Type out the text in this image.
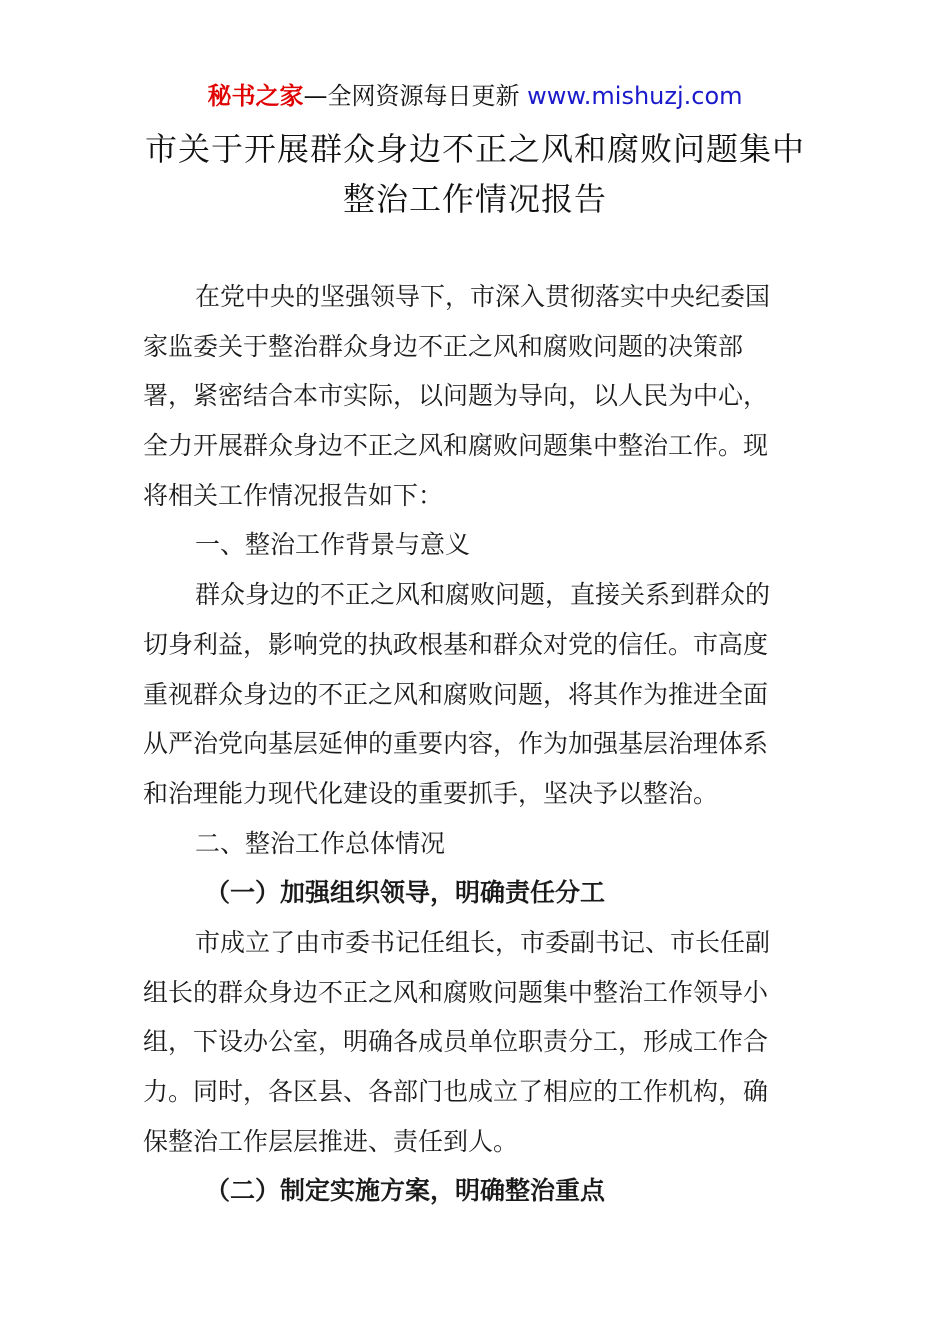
秘书之家—全网资源每日更新 www.mishuzj.com
市关于开展群众身边不正之风和腐败问题集中
整治工作情况报告
在党中央的坚强领导下，市深入贯彻落实中央纪委国
家监委关于整治群众身边不正之风和腐败问题的决策部
署，紧密结合本市实际，以问题为导向，以人民为中心，
全力开展群众身边不正之风和腐败问题集中整治工作。现
将相关工作情况报告如下：
一、整治工作背景与意义
群众身边的不正之风和腐败问题，直接关系到群众的
切身利益，影响党的执政根基和群众对党的信任。市高度
重视群众身边的不正之风和腐败问题，将其作为推进全面
从严治党向基层延伸的重要内容，作为加强基层治理体系
和治理能力现代化建设的重要抓手，坚决予以整治。
二、整治工作总体情况
（一）加强组织领导，明确责任分工
市成立了由市委书记任组长，市委副书记、市长任副
组长的群众身边不正之风和腐败问题集中整治工作领导小
组，下设办公室，明确各成员单位职责分工，形成工作合
力。同时，各区县、各部门也成立了相应的工作机构，确
保整治工作层层推进、责任到人。
（二）制定实施方案，明确整治重点
